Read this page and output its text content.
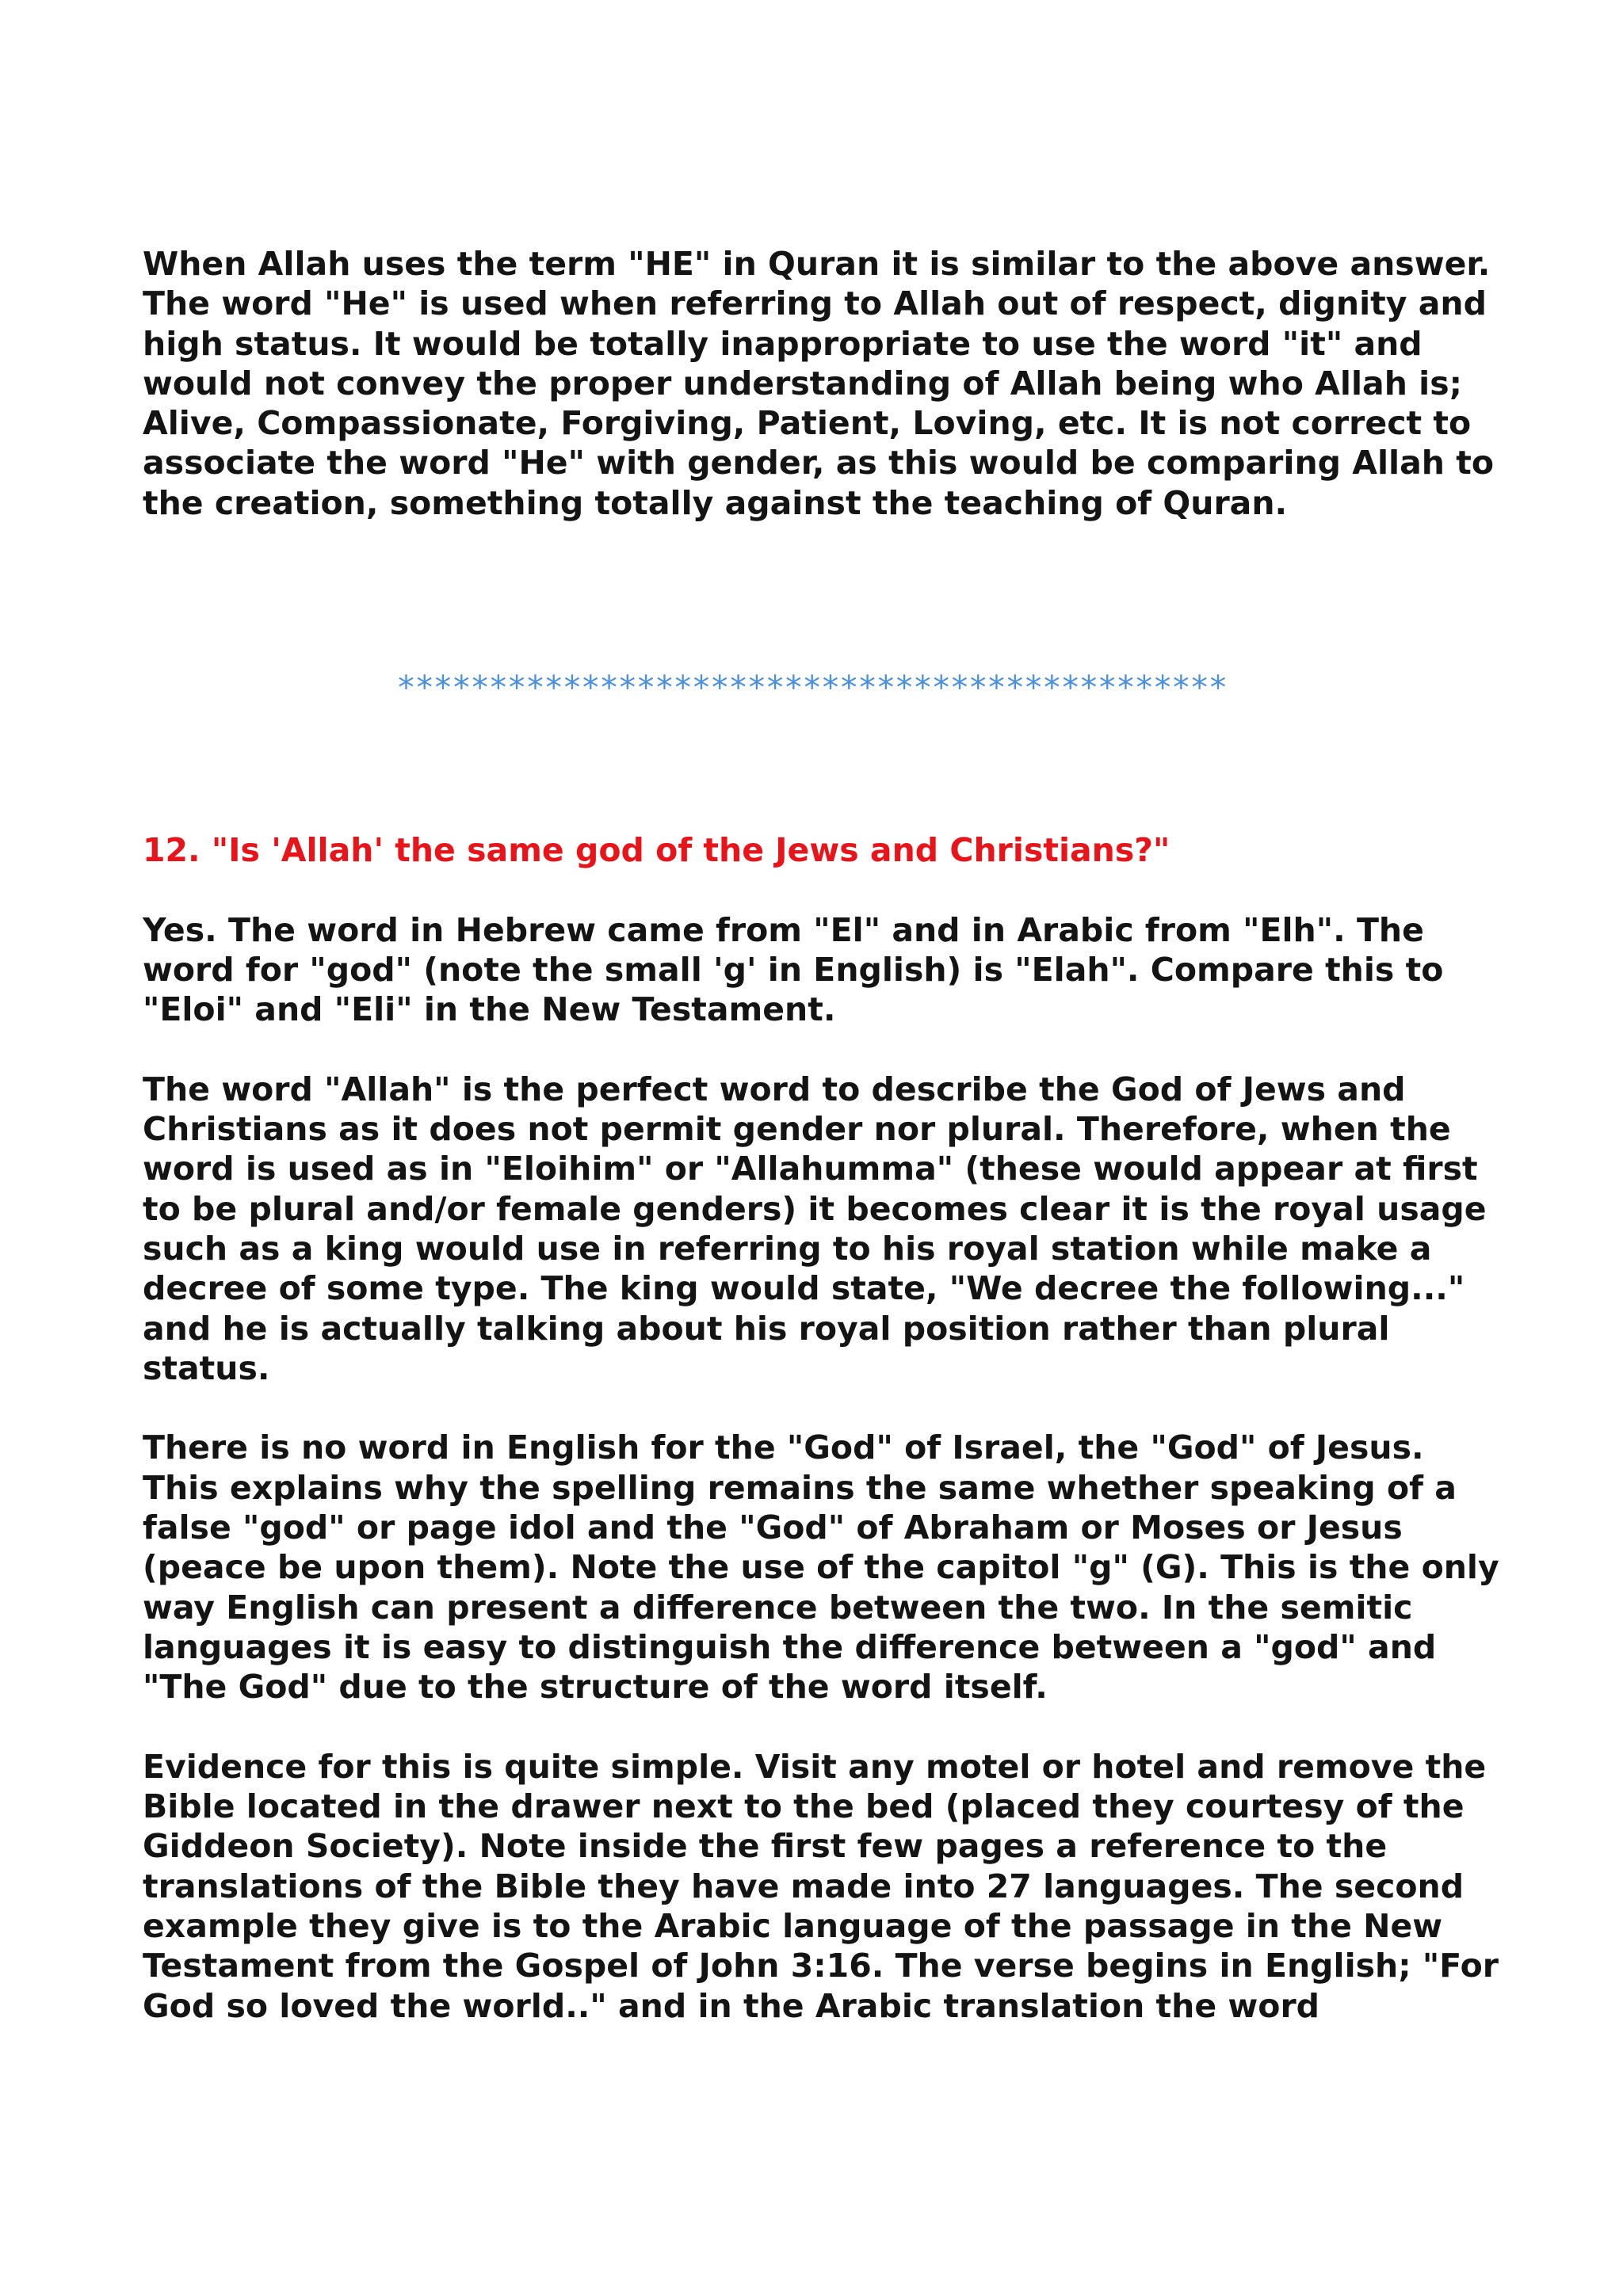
When Allah uses the term "HE" in Quran it is similar to the above answer. The word "He" is used when referring to Allah out of respect, dignity and high status. It would be totally inappropriate to use the word "it" and would not convey the proper understanding of Allah being who Allah is; Alive, Compassionate, Forgiving, Patient, Loving, etc. It is not correct to associate the word "He" with gender, as this would be comparing Allah to the creation, something totally against the teaching of Quran.

*********************************************
12. "Is 'Allah' the same god of the Jews and Christians?"

Yes. The word in Hebrew came from "El" and in Arabic from "Elh". The word for "god" (note the small 'g' in English) is "Elah". Compare this to "Eloi" and "Eli" in the New Testament.

The word "Allah" is the perfect word to describe the God of Jews and Christians as it does not permit gender nor plural. Therefore, when the word is used as in "Eloihim" or "Allahumma" (these would appear at first to be plural and/or female genders) it becomes clear it is the royal usage such as a king would use in referring to his royal station while make a decree of some type. The king would state, "We decree the following..." and he is actually talking about his royal position rather than plural status.

There is no word in English for the "God" of Israel, the "God" of Jesus. This explains why the spelling remains the same whether speaking of a false "god" or page idol and the "God" of Abraham or Moses or Jesus (peace be upon them). Note the use of the capitol "g" (G). This is the only way English can present a difference between the two. In the semitic languages it is easy to distinguish the difference between a "god" and "The God" due to the structure of the word itself.

Evidence for this is quite simple. Visit any motel or hotel and remove the Bible located in the drawer next to the bed (placed they courtesy of the Giddeon Society). Note inside the first few pages a reference to the translations of the Bible they have made into 27 languages. The second example they give is to the Arabic language of the passage in the New Testament from the Gospel of John 3:16. The verse begins in English; "For God so loved the world.." and in the Arabic translation the word
